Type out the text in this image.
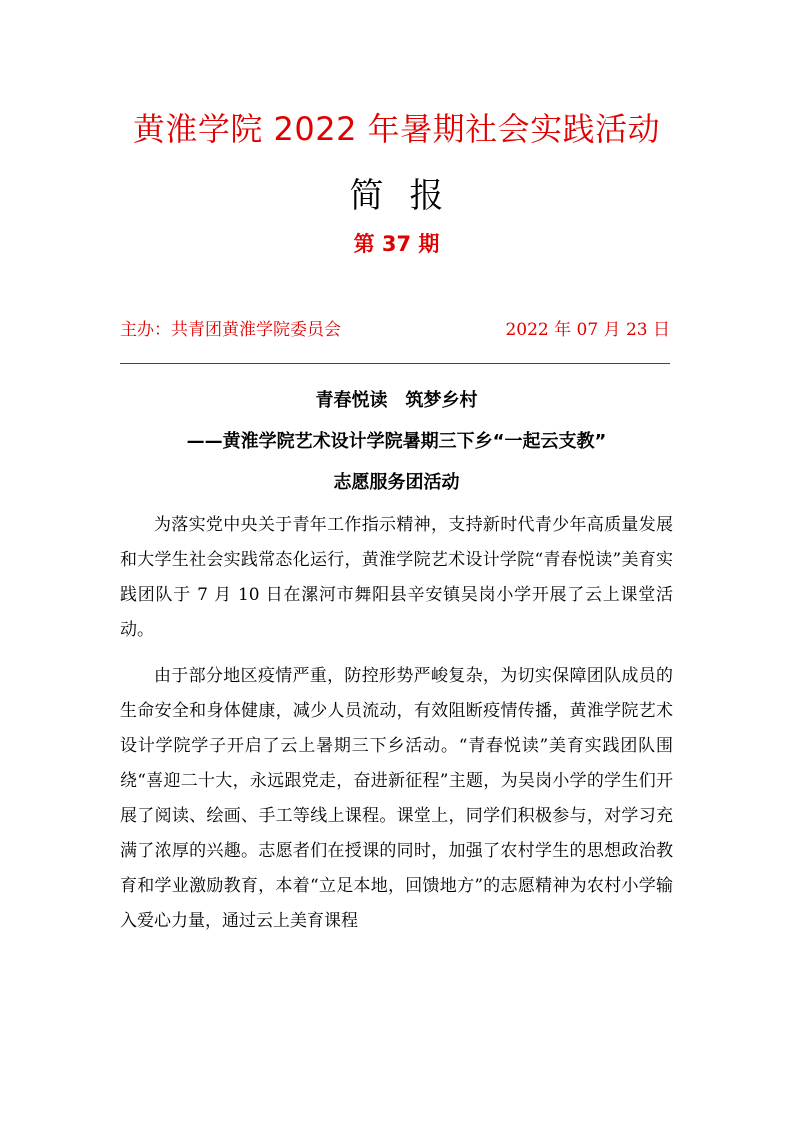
黄淮学院 2022 年暑期社会实践活动
简报
第 37 期
主办：共青团黄淮学院委员会	2022 年 07 月 23 日
青春悦读　筑梦乡村
——黄淮学院艺术设计学院暑期三下乡“一起云支教”
志愿服务团活动

为落实党中央关于青年工作指示精神，支持新时代青少年高质量发展和大学生社会实践常态化运行，黄淮学院艺术设计学院“青春悦读”美育实践团队于 7 月 10 日在漯河市舞阳县辛安镇吴岗小学开展了云上课堂活动。

由于部分地区疫情严重，防控形势严峻复杂，为切实保障团队成员的生命安全和身体健康，减少人员流动，有效阻断疫情传播，黄淮学院艺术设计学院学子开启了云上暑期三下乡活动。“青春悦读”美育实践团队围绕“喜迎二十大，永远跟党走，奋进新征程”主题，为吴岗小学的学生们开展了阅读、绘画、手工等线上课程。课堂上，同学们积极参与，对学习充满了浓厚的兴趣。志愿者们在授课的同时，加强了农村学生的思想政治教育和学业激励教育，本着“立足本地，回馈地方”的志愿精神为农村小学输入爱心力量，通过云上美育课程
